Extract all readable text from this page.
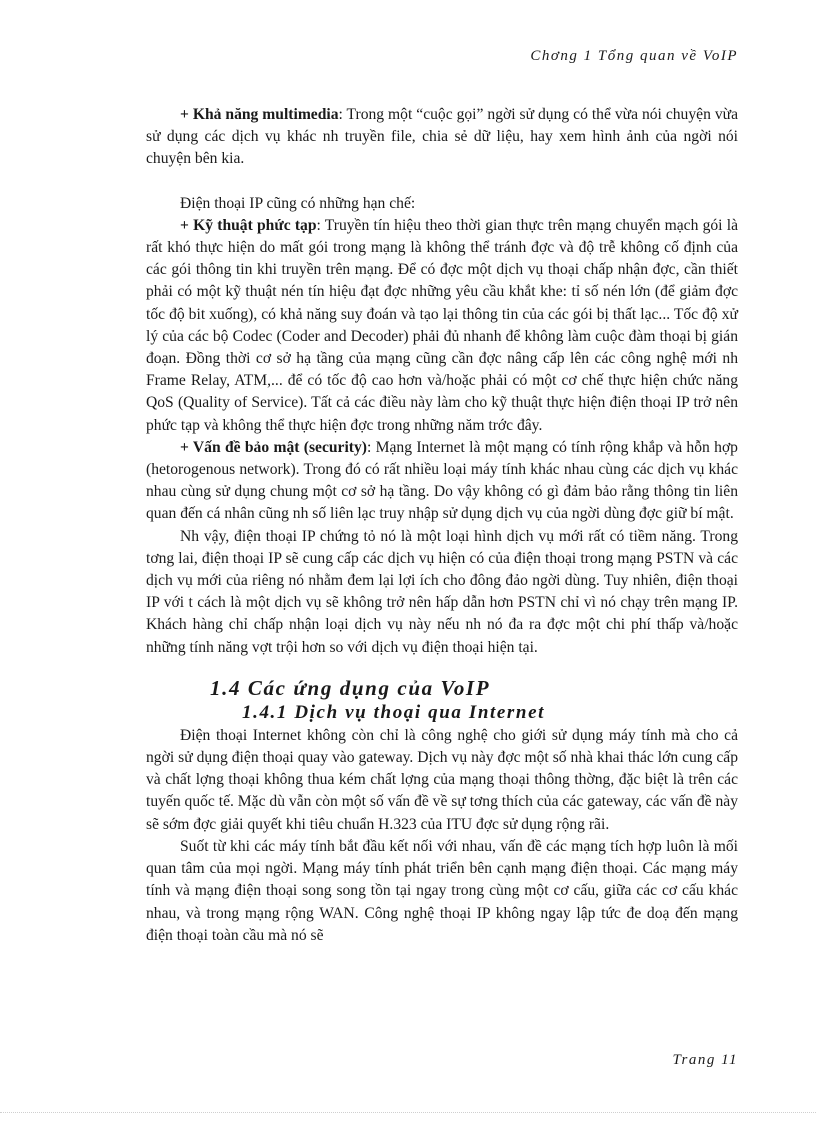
Chơng 1 Tổng quan về VoIP

+ Khả năng multimedia: Trong một “cuộc gọi” ngời sử dụng có thể vừa nói chuyện vừa sử dụng các dịch vụ khác nh truyền file, chia sẻ dữ liệu, hay xem hình ảnh của ngời nói chuyện bên kia.

Điện thoại IP cũng có những hạn chế:

+ Kỹ thuật phức tạp: Truyền tín hiệu theo thời gian thực trên mạng chuyển mạch gói là rất khó thực hiện do mất gói trong mạng là không thể tránh đợc và độ trễ không cố định của các gói thông tin khi truyền trên mạng. Để có đợc một dịch vụ thoại chấp nhận đợc, cần thiết phải có một kỹ thuật nén tín hiệu đạt đợc những yêu cầu khắt khe: tỉ số nén lớn (để giảm đợc tốc độ bit xuống), có khả năng suy đoán và tạo lại thông tin của các gói bị thất lạc... Tốc độ xử lý của các bộ Codec (Coder and Decoder) phải đủ nhanh để không làm cuộc đàm thoại bị gián đoạn. Đồng thời cơ sở hạ tầng của mạng cũng cần đợc nâng cấp lên các công nghệ mới nh Frame Relay, ATM,... để có tốc độ cao hơn và/hoặc phải có một cơ chế thực hiện chức năng QoS (Quality of Service). Tất cả các điều này làm cho kỹ thuật thực hiện điện thoại IP trở nên phức tạp và không thể thực hiện đợc trong những năm trớc đây.

+ Vấn đề bảo mật (security): Mạng Internet là một mạng có tính rộng khắp và hỗn hợp (hetorogenous network). Trong đó có rất nhiều loại máy tính khác nhau cùng các dịch vụ khác nhau cùng sử dụng chung một cơ sở hạ tầng. Do vậy không có gì đảm bảo rằng thông tin liên quan đến cá nhân cũng nh số liên lạc truy nhập sử dụng dịch vụ của ngời dùng đợc giữ bí mật.

Nh vậy, điện thoại IP chứng tỏ nó là một loại hình dịch vụ mới rất có tiềm năng. Trong tơng lai, điện thoại IP sẽ cung cấp các dịch vụ hiện có của điện thoại trong mạng PSTN và các dịch vụ mới của riêng nó nhằm đem lại lợi ích cho đông đảo ngời dùng. Tuy nhiên, điện thoại IP với t cách là một dịch vụ sẽ không trở nên hấp dẫn hơn PSTN chỉ vì nó chạy trên mạng IP. Khách hàng chỉ chấp nhận loại dịch vụ này nếu nh nó đa ra đợc một chi phí thấp và/hoặc những tính năng vợt trội hơn so với dịch vụ điện thoại hiện tại.

1.4 Các ứng dụng của VoIP
1.4.1 Dịch vụ thoại qua Internet

Điện thoại Internet không còn chỉ là công nghệ cho giới sử dụng máy tính mà cho cả ngời sử dụng điện thoại quay vào gateway. Dịch vụ này đợc một số nhà khai thác lớn cung cấp và chất lợng thoại không thua kém chất lợng của mạng thoại thông thờng, đặc biệt là trên các tuyến quốc tế. Mặc dù vẫn còn một số vấn đề về sự tơng thích của các gateway, các vấn đề này sẽ sớm đợc giải quyết khi tiêu chuẩn H.323 của ITU đợc sử dụng rộng rãi.

Suốt từ khi các máy tính bắt đầu kết nối với nhau, vấn đề các mạng tích hợp luôn là mối quan tâm của mọi ngời. Mạng máy tính phát triển bên cạnh mạng điện thoại. Các mạng máy tính và mạng điện thoại song song tồn tại ngay trong cùng một cơ cấu, giữa các cơ cấu khác nhau, và trong mạng rộng WAN. Công nghệ thoại IP không ngay lập tức đe doạ đến mạng điện thoại toàn cầu mà nó sẽ

Trang 11
